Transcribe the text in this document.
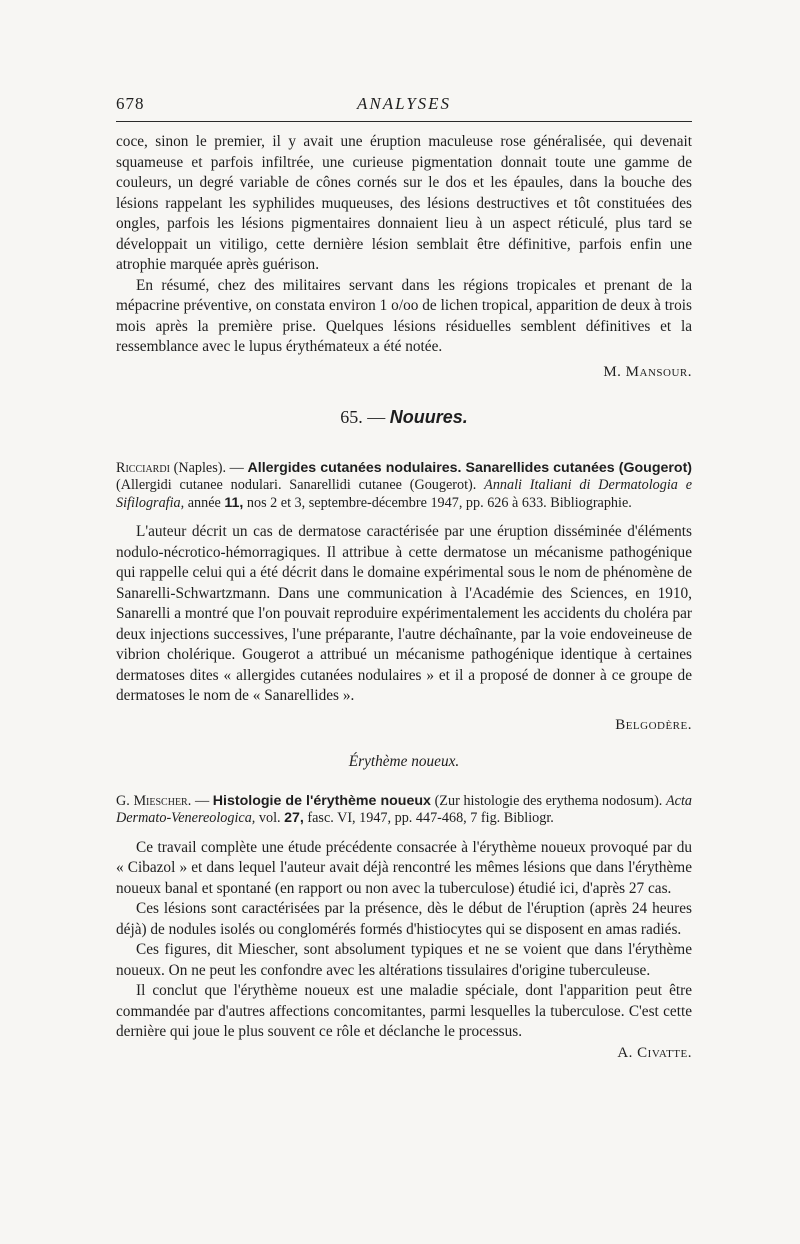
678	ANALYSES

coce, sinon le premier, il y avait une éruption maculeuse rose généralisée, qui devenait squameuse et parfois infiltrée, une curieuse pigmentation donnait toute une gamme de couleurs, un degré variable de cônes cornés sur le dos et les épaules, dans la bouche des lésions rappelant les syphilides muqueuses, des lésions destructives et tôt constituées des ongles, parfois les lésions pigmentaires donnaient lieu à un aspect réticulé, plus tard se développait un vitiligo, cette dernière lésion semblait être définitive, parfois enfin une atrophie marquée après guérison.

En résumé, chez des militaires servant dans les régions tropicales et prenant de la mépacrine préventive, on constata environ 1 o/oo de lichen tropical, apparition de deux à trois mois après la première prise. Quelques lésions résiduelles semblent définitives et la ressemblance avec le lupus érythémateux a été notée.

M. Mansour.
65. — Nouures.
Ricciardi (Naples). — Allergides cutanées nodulaires. Sanarellides cutanées (Gougerot) (Allergidi cutanee nodulari. Sanarellidi cutanee (Gougerot). Annali Italiani di Dermatologia e Sifilografia, année 11, nos 2 et 3, septembre-décembre 1947, pp. 626 à 633. Bibliographie.

L'auteur décrit un cas de dermatose caractérisée par une éruption disséminée d'éléments nodulo-nécrotico-hémorragiques. Il attribue à cette dermatose un mécanisme pathogénique qui rappelle celui qui a été décrit dans le domaine expérimental sous le nom de phénomène de Sanarelli-Schwartzmann. Dans une communication à l'Académie des Sciences, en 1910, Sanarelli a montré que l'on pouvait reproduire expérimentalement les accidents du choléra par deux injections successives, l'une préparante, l'autre déchaînante, par la voie endoveineuse de vibrion cholérique. Gougerot a attribué un mécanisme pathogénique identique à certaines dermatoses dites « allergides cutanées nodulaires » et il a proposé de donner à ce groupe de dermatoses le nom de « Sanarellides ».

Belgodère.
Érythème noueux.
G. Miescher. — Histologie de l'érythème noueux (Zur histologie des erythema nodosum). Acta Dermato-Venereologica, vol. 27, fasc. VI, 1947, pp. 447-468, 7 fig. Bibliogr.

Ce travail complète une étude précédente consacrée à l'érythème noueux provoqué par du « Cibazol » et dans lequel l'auteur avait déjà rencontré les mêmes lésions que dans l'érythème noueux banal et spontané (en rapport ou non avec la tuberculose) étudié ici, d'après 27 cas.

Ces lésions sont caractérisées par la présence, dès le début de l'éruption (après 24 heures déjà) de nodules isolés ou conglomérés formés d'histiocytes qui se disposent en amas radiés.

Ces figures, dit Miescher, sont absolument typiques et ne se voient que dans l'érythème noueux. On ne peut les confondre avec les altérations tissulaires d'origine tuberculeuse.

Il conclut que l'érythème noueux est une maladie spéciale, dont l'apparition peut être commandée par d'autres affections concomitantes, parmi lesquelles la tuberculose. C'est cette dernière qui joue le plus souvent ce rôle et déclanche le processus.

A. Civatte.
